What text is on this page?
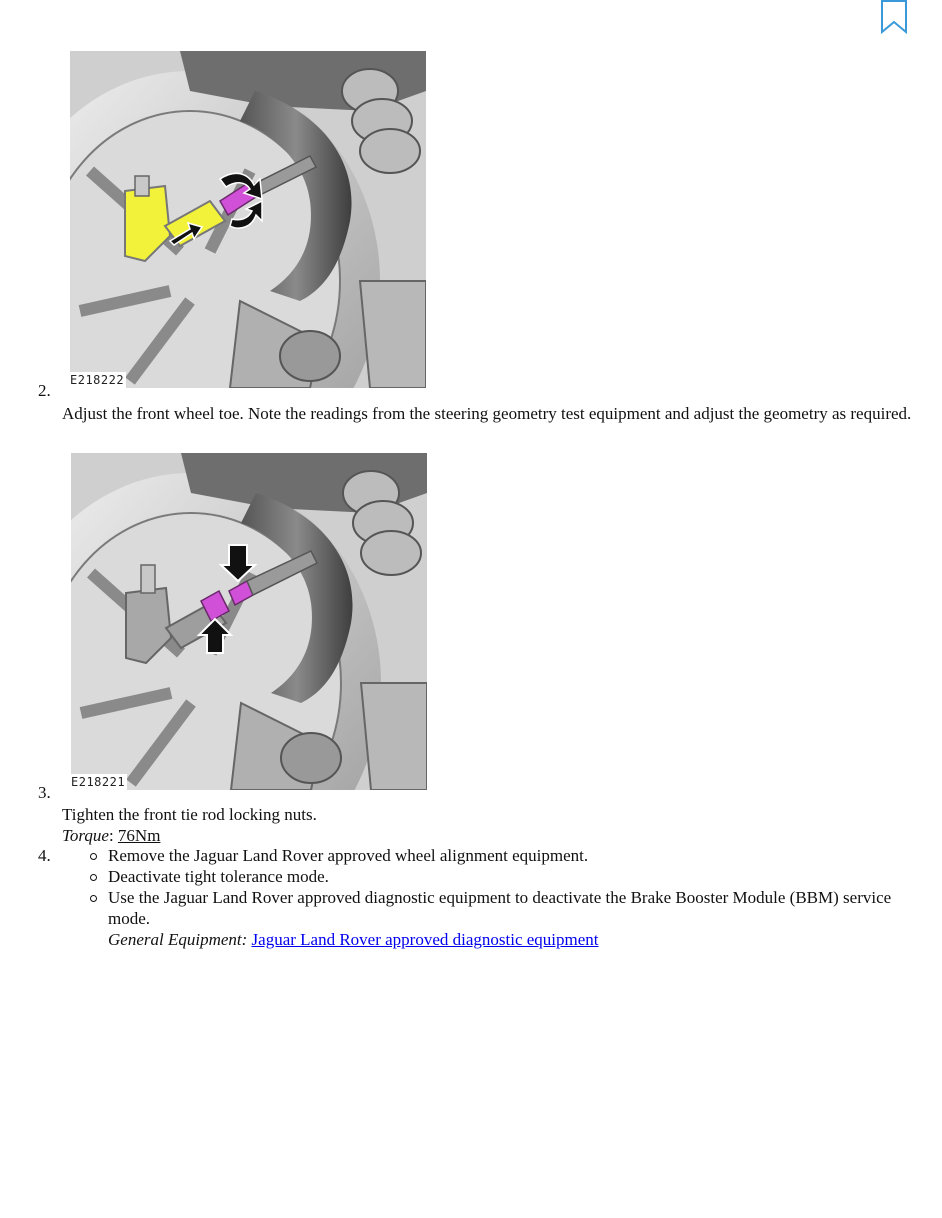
E218222
2.
Adjust the front wheel toe. Note the readings from the steering geometry test equipment and adjust the geometry as required.
E218221
3.
Tighten the front tie rod locking nuts.
Torque: 76Nm
4.	Remove the Jaguar Land Rover approved wheel alignment equipment.
Deactivate tight tolerance mode.
Use the Jaguar Land Rover approved diagnostic equipment to deactivate the Brake Booster Module (BBM) service mode.
General Equipment: Jaguar Land Rover approved diagnostic equipment
